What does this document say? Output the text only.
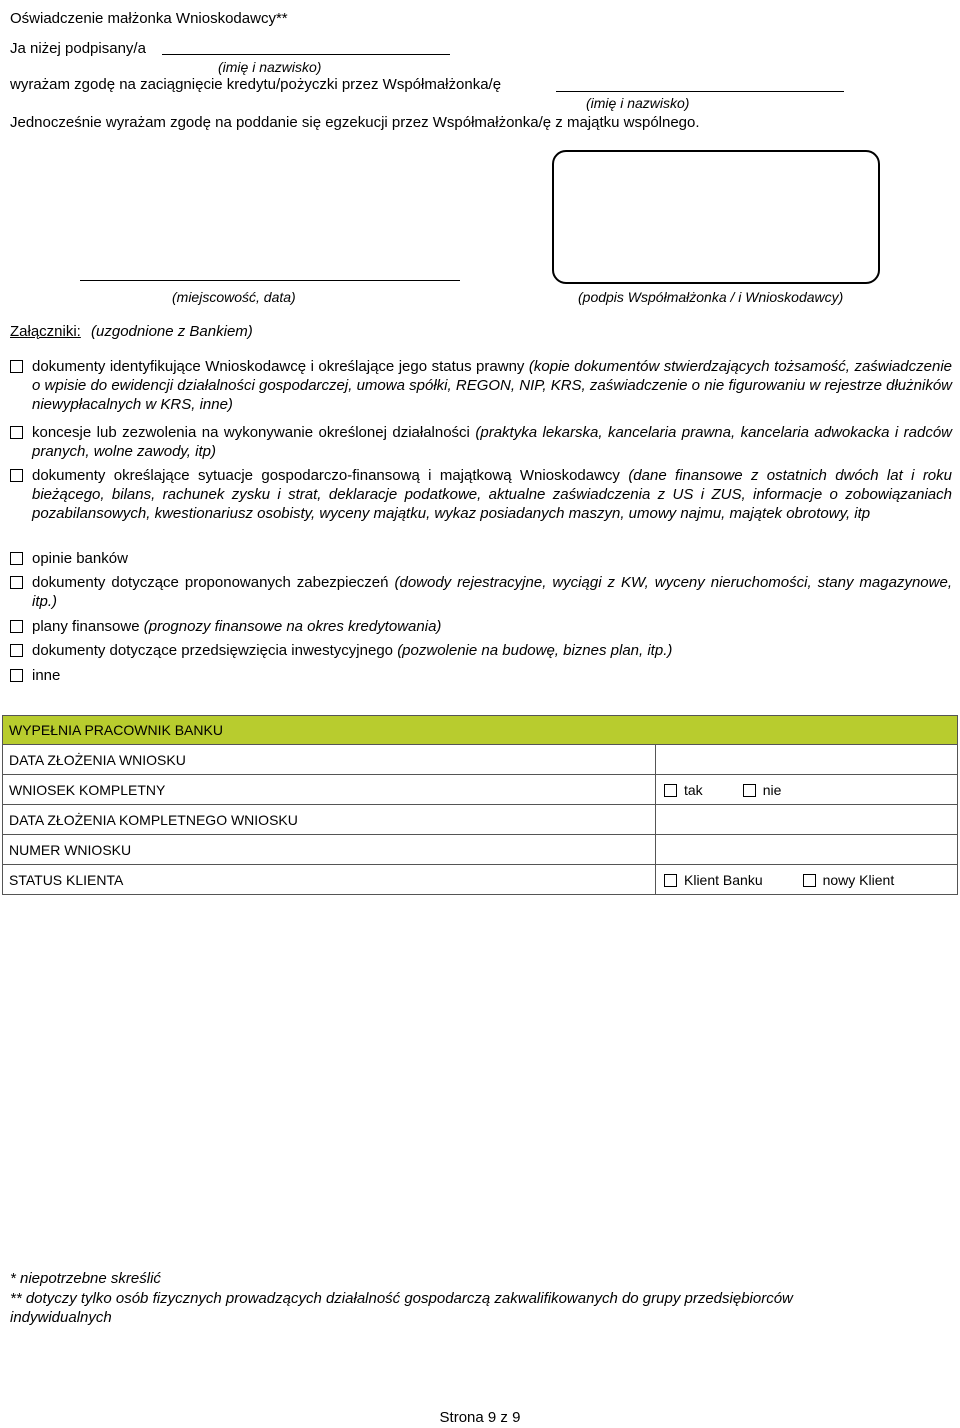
Oświadczenie małżonka Wnioskodawcy**
Ja niżej podpisany/a
(imię i nazwisko)
wyrażam zgodę na zaciągnięcie kredytu/pożyczki przez Współmałżonka/ę
(imię i nazwisko)
Jednocześnie wyrażam zgodę na poddanie się egzekucji przez Współmałżonka/ę z majątku wspólnego.
(miejscowość, data)	(podpis Współmałżonka / i Wnioskodawcy)
Załączniki: (uzgodnione z Bankiem)
dokumenty identyfikujące Wnioskodawcę i określające jego status prawny (kopie dokumentów stwierdzających tożsamość, zaświadczenie o wpisie do ewidencji działalności gospodarczej, umowa spółki, REGON, NIP, KRS, zaświadczenie o nie figurowaniu w rejestrze dłużników niewypłacalnych w KRS, inne)
koncesje lub zezwolenia na wykonywanie określonej działalności (praktyka lekarska, kancelaria prawna, kancelaria adwokacka i radców pranych, wolne zawody, itp)
dokumenty określające sytuacje gospodarczo-finansową i majątkową Wnioskodawcy (dane finansowe z ostatnich dwóch lat i roku bieżącego, bilans, rachunek zysku i strat, deklaracje podatkowe, aktualne zaświadczenia z US i ZUS, informacje o zobowiązaniach pozabilansowych, kwestionariusz osobisty, wyceny majątku, wykaz posiadanych maszyn, umowy najmu, majątek obrotowy, itp
opinie banków
dokumenty dotyczące proponowanych zabezpieczeń (dowody rejestracyjne, wyciągi z KW, wyceny nieruchomości, stany magazynowe, itp.)
plany finansowe (prognozy finansowe na okres kredytowania)
dokumenty dotyczące przedsięwzięcia inwestycyjnego (pozwolenie na budowę, biznes plan, itp.)
inne
WYPEŁNIA PRACOWNIK BANKU	
DATA ZŁOŻENIA WNIOSKU	
WNIOSEK KOMPLETNY	tak nie
DATA ZŁOŻENIA KOMPLETNEGO WNIOSKU	
NUMER WNIOSKU	
STATUS KLIENTA	Klient Banku nowy Klient
* niepotrzebne skreślić
** dotyczy tylko osób fizycznych prowadzących działalność gospodarczą zakwalifikowanych do grupy przedsiębiorców indywidualnych
Strona 9 z 9
